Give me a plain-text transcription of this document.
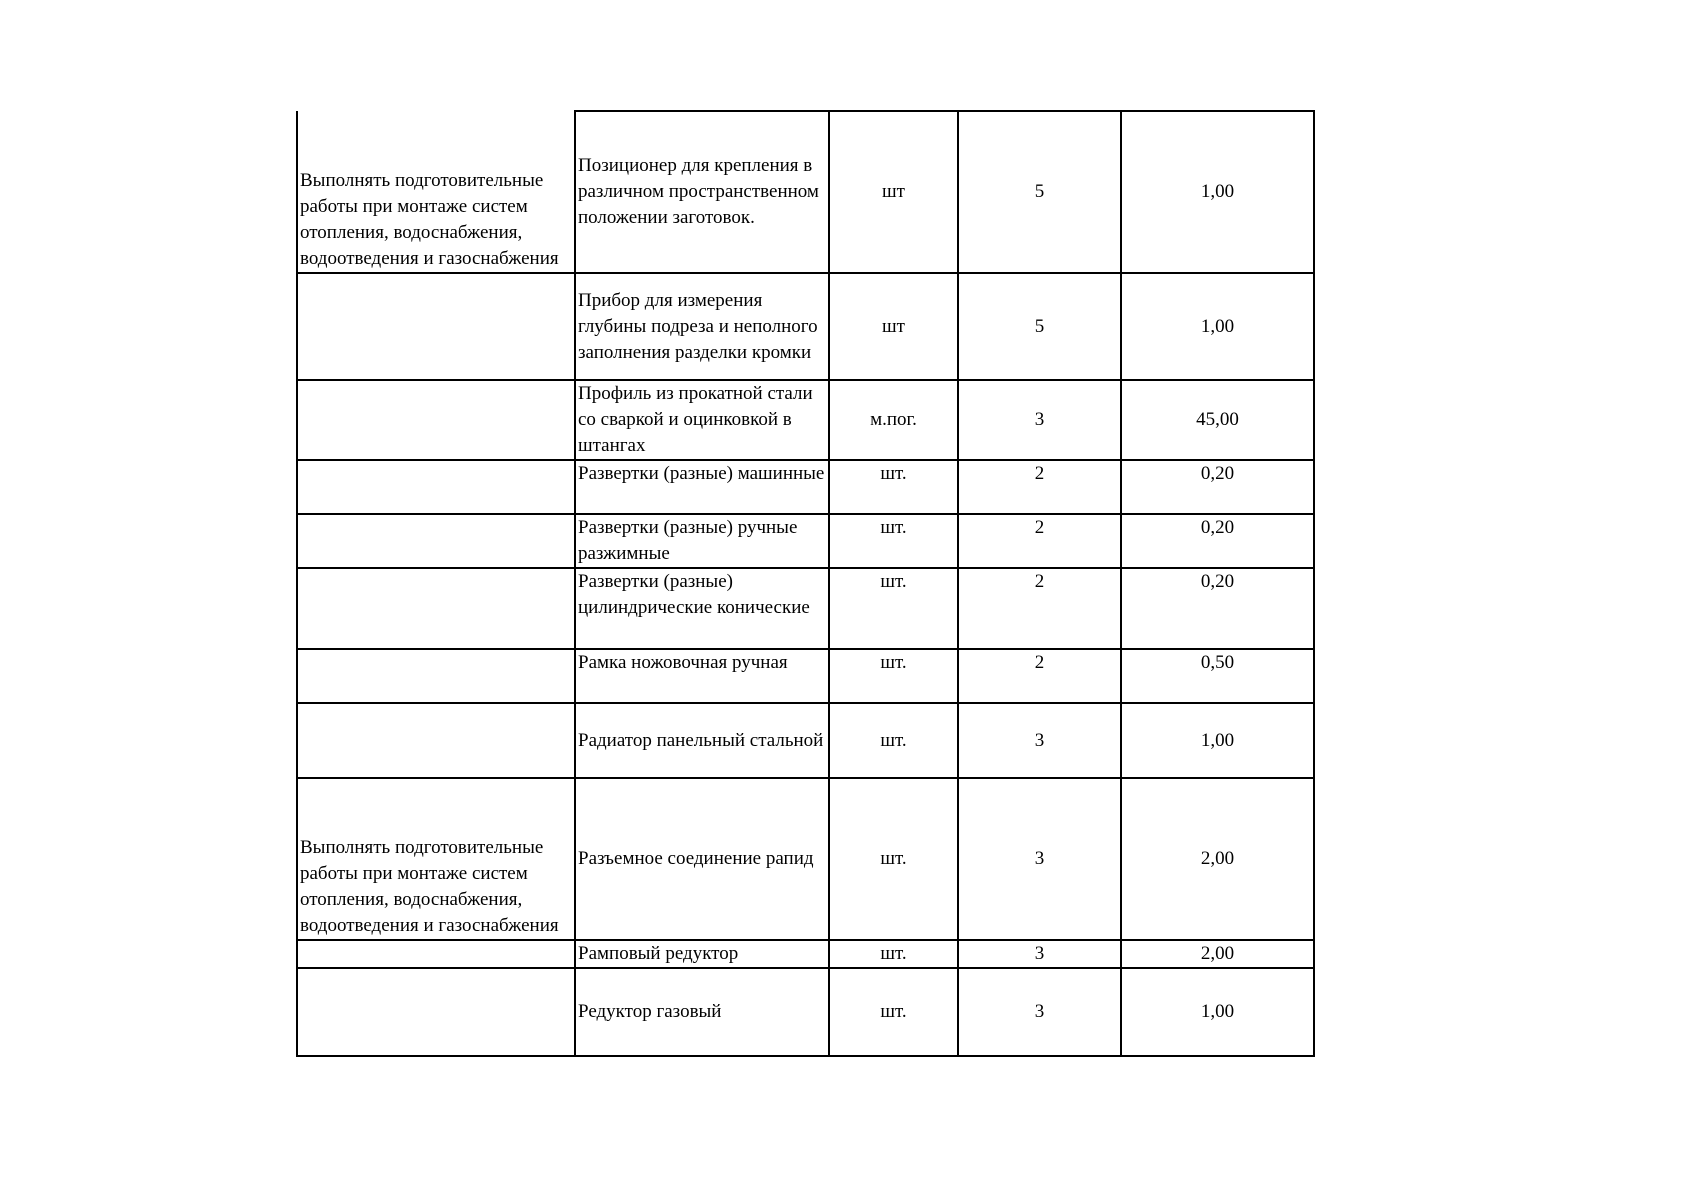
Выполнять подготовительные работы при монтаже систем отопления, водоснабжения, водоотведения и газоснабжения	Позиционер для крепления в различном пространственном положении заготовок.	шт	5	1,00
	Прибор для измерения глубины подреза и неполного заполнения разделки кромки	шт	5	1,00
	Профиль из прокатной стали со сваркой и оцинковкой в штангах	м.пог.	3	45,00
	Развертки (разные) машинные	шт.	2	0,20
	Развертки (разные) ручные разжимные	шт.	2	0,20
	Развертки (разные) цилиндрические конические	шт.	2	0,20
	Рамка ножовочная ручная	шт.	2	0,50
	Радиатор панельный стальной	шт.	3	1,00
Выполнять подготовительные работы при монтаже систем отопления, водоснабжения, водоотведения и газоснабжения	Разъемное соединение рапид	шт.	3	2,00
	Рамповый редуктор	шт.	3	2,00
	Редуктор газовый	шт.	3	1,00
